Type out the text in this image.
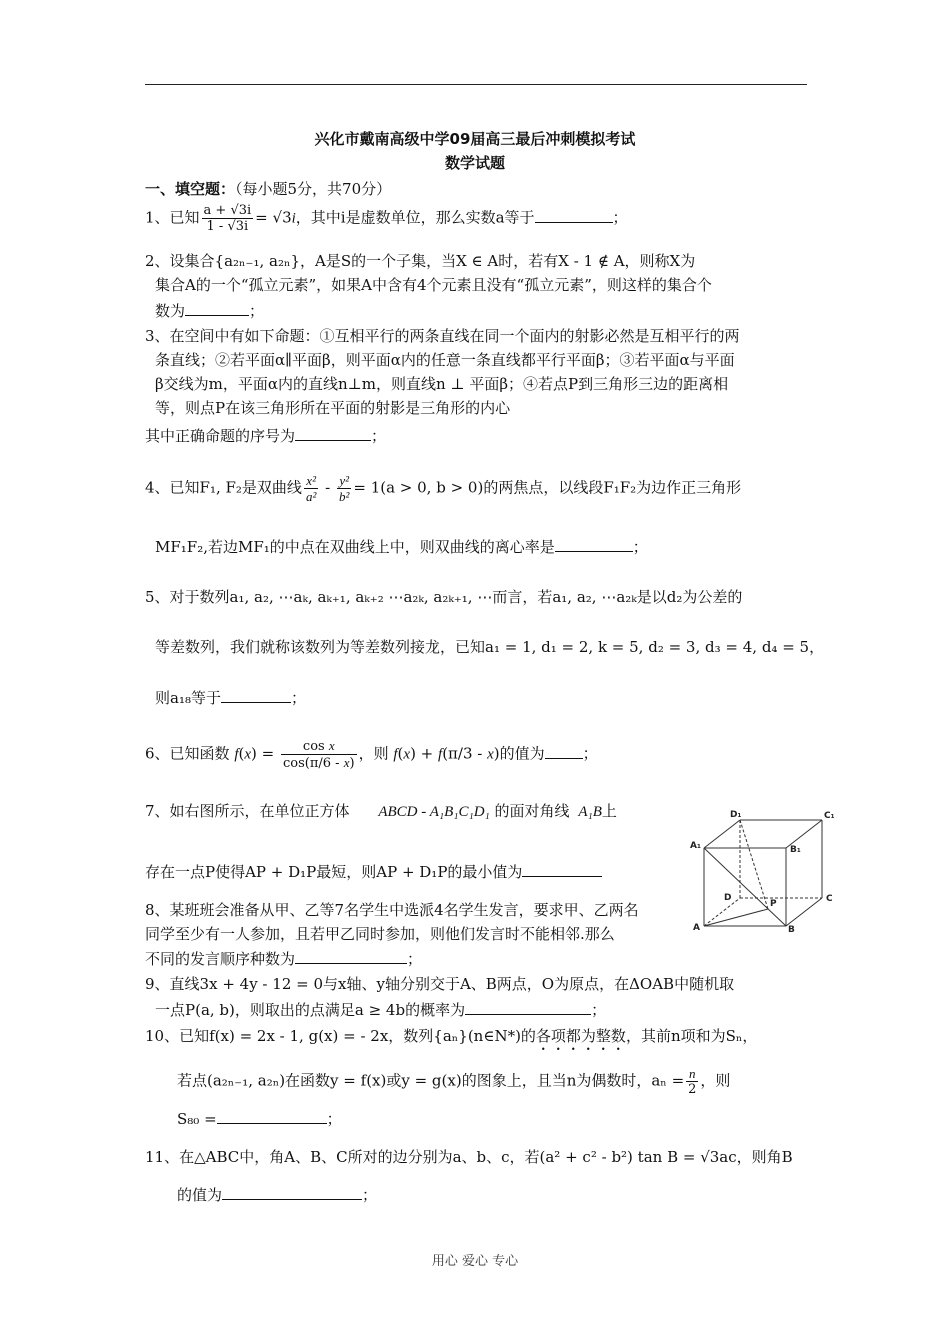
兴化市戴南高级中学09届高三最后冲刺模拟考试
数学试题
一、填空题：（每小题5分，共70分）
1、已知 $\frac{a + √3i}{1 - √3i} = √3i$，其中i是虚数单位，那么实数a等于	；
2、设集合{a₂ₙ₋₁, a₂ₙ}，A是S的一个子集，当X ∈ A时，若有X - 1 ∉ A，则称X为
集合A的一个“孤立元素”，如果A中含有4个元素且没有“孤立元素”，则这样的集合个
数为	；
3、在空间中有如下命题：①互相平行的两条直线在同一个面内的射影必然是互相平行的两
条直线；②若平面α∥平面β，则平面α内的任意一条直线都平行平面β；③若平面α与平面
β交线为m，平面α内的直线n⊥m，则直线n ⊥ 平面β；④若点P到三角形三边的距离相
等，则点P在该三角形所在平面的射影是三角形的内心
其中正确命题的序号为	；
4、已知F₁, F₂是双曲线 $\frac{\text{x²}}{\text{a²}} - \frac{\text{y²}}{\text{b²}} = 1(a > 0$, b > 0)的两焦点，以线段F₁F₂为边作正三角形
MF₁F₂,若边MF₁的中点在双曲线上中，则双曲线的离心率是	；
5、对于数列a₁, a₂, ⋯aₖ, aₖ₊₁, aₖ₊₂ ⋯a₂ₖ, a₂ₖ₊₁, ⋯而言，若a₁, a₂, ⋯a₂ₖ是以d₂为公差的
等差数列，我们就称该数列为等差数列接龙，已知a₁ = 1, d₁ = 2, k = 5, d₂ = 3, d₃ = 4, d₄ = 5，
则a₁₈等于	；
6、已知函数 $f(x) = \frac{\text{cos x}}{\cos(\pi/6 - x)}$ ，则 f(x) + f(π/3 - x)的值为	；
7、如右图所示，在单位正方体 ABCD - A₁B₁C₁D₁ 的面对角线 A₁B上
存在一点P使得AP + D₁P最短，则AP + D₁P的最小值为
D₁	C₁
A₁	B₁
D	C
P
A	B
8、某班班会准备从甲、乙等7名学生中选派4名学生发言，要求甲、乙两名
同学至少有一人参加，且若甲乙同时参加，则他们发言时不能相邻.那么
不同的发言顺序种数为	；
9、直线3x + 4y - 12 = 0与x轴、y轴分别交于A、B两点，O为原点，在ΔOAB中随机取
一点P(a, b)，则取出的点满足a ≥ 4b的概率为	；
10、已知f(x) = 2x - 1, g(x) = - 2x，数列{aₙ}(n∈N*)的各项都为整数，其前n项和为Sₙ，
若点(a₂ₙ₋₁, a₂ₙ)在函数y = f(x)或y = g(x)的图象上，且当n为偶数时，$a_n = \frac{n}{2}$ ，则
S₈₀ =	；
11、在△ABC中，角A、B、C所对的边分别为a、b、c，若(a² + c² - b²) tan B = √3ac，则角B
的值为	；
用心 爱心 专心
